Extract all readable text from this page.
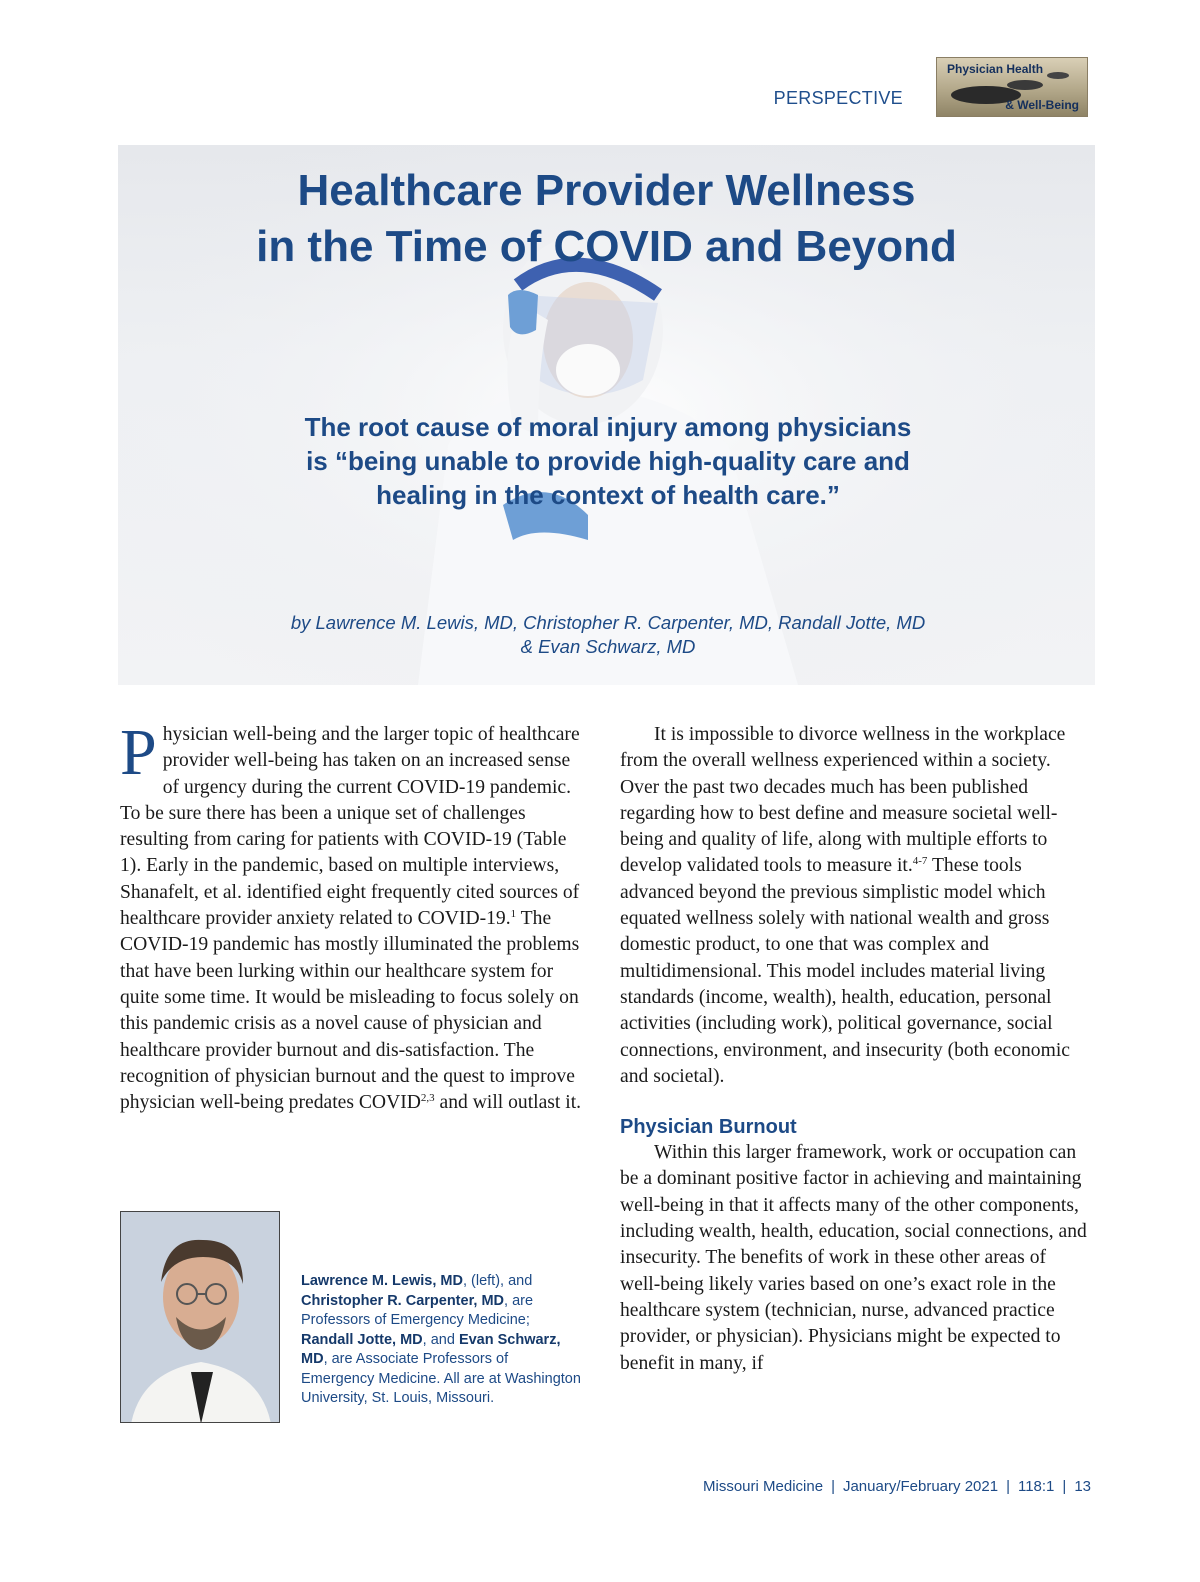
PERSPECTIVE
Physician Health
& Well-Being
Healthcare Provider Wellness
in the Time of COVID and Beyond
The root cause of moral injury among physicians
is “being unable to provide high-quality care and
healing in the context of health care.”
by Lawrence M. Lewis, MD, Christopher R. Carpenter, MD, Randall Jotte, MD
& Evan Schwarz, MD

Physician well-being and the larger topic of healthcare provider well-being has taken on an increased sense of urgency during the current COVID-19 pandemic. To be sure there has been a unique set of challenges resulting from caring for patients with COVID-19 (Table 1). Early in the pandemic, based on multiple interviews, Shanafelt, et al. identified eight frequently cited sources of healthcare provider anxiety related to COVID-19.$^1$ The COVID-19 pandemic has mostly illuminated the problems that have been lurking within our healthcare system for quite some time. It would be misleading to focus solely on this pandemic crisis as a novel cause of physician and healthcare provider burnout and dis-satisfaction. The recognition of physician burnout and the quest to improve physician well-being predates COVID$^{2,3}$ and will outlast it.

Lawrence M. Lewis, MD, (left), and
Christopher R. Carpenter, MD, are Professors of Emergency Medicine; Randall Jotte, MD, and Evan Schwarz, MD, are Associate Professors of Emergency Medicine. All are at Washington University, St. Louis, Missouri.

It is impossible to divorce wellness in the workplace from the overall wellness experienced within a society. Over the past two decades much has been published regarding how to best define and measure societal well-being and quality of life, along with multiple efforts to develop validated tools to measure it.$^{4-7}$ These tools advanced beyond the previous simplistic model which equated wellness solely with national wealth and gross domestic product, to one that was complex and multidimensional. This model includes material living standards (income, wealth), health, education, personal activities (including work), political governance, social connections, environment, and insecurity (both economic and societal).

Physician Burnout

Within this larger framework, work or occupation can be a dominant positive factor in achieving and maintaining well-being in that it affects many of the other components, including wealth, health, education, social connections, and insecurity. The benefits of work in these other areas of well-being likely varies based on one’s exact role in the healthcare system (technician, nurse, advanced practice provider, or physician). Physicians might be expected to benefit in many, if

Missouri Medicine | January/February 2021 | 118:1 | 13
